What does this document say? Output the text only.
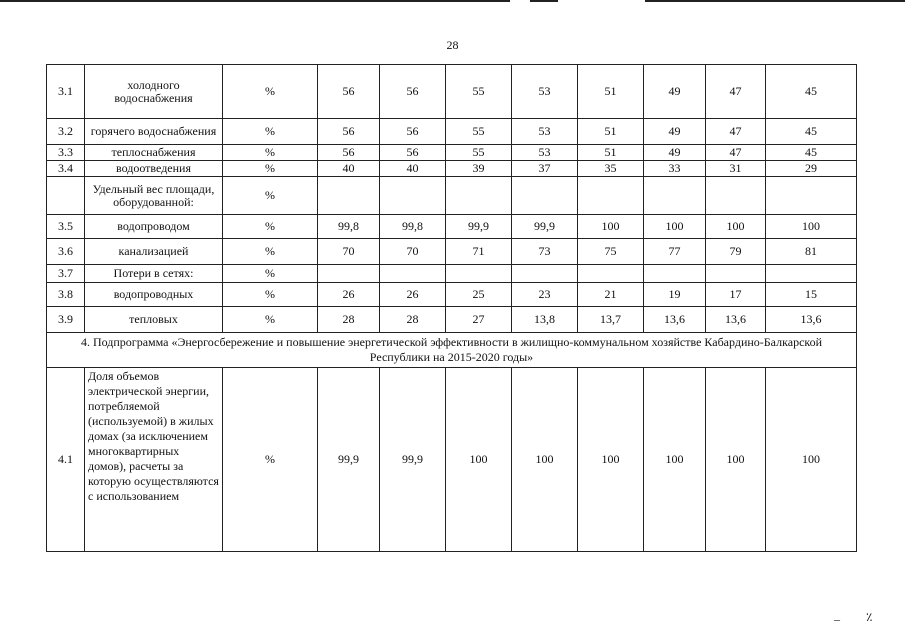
28
3.1	холодного водоснабжения	%	56	56	55	53	51	49	47	45
3.2	горячего водоснабжения	%	56	56	55	53	51	49	47	45
3.3	теплоснабжения	%	56	56	55	53	51	49	47	45
3.4	водоотведения	%	40	40	39	37	35	33	31	29
	Удельный вес площади, оборудованной:	%								
3.5	водопроводом	%	99,8	99,8	99,9	99,9	100	100	100	100
3.6	канализацией	%	70	70	71	73	75	77	79	81
3.7	Потери в сетях:	%								
3.8	водопроводных	%	26	26	25	23	21	19	17	15
3.9	тепловых	%	28	28	27	13,8	13,7	13,6	13,6	13,6
4. Подпрограмма «Энергосбережение и повышение энергетической эффективности в жилищно-коммунальном хозяйстве Кабардино-Балкарской Республики на 2015-2020 годы»										
4.1	Доля объемов электрической энергии, потребляемой (используемой) в жилых домах (за исключением многоквартирных домов), расчеты за которую осуществляются с использованием	%	99,9	99,9	100	100	100	100	100	100
– ٪
